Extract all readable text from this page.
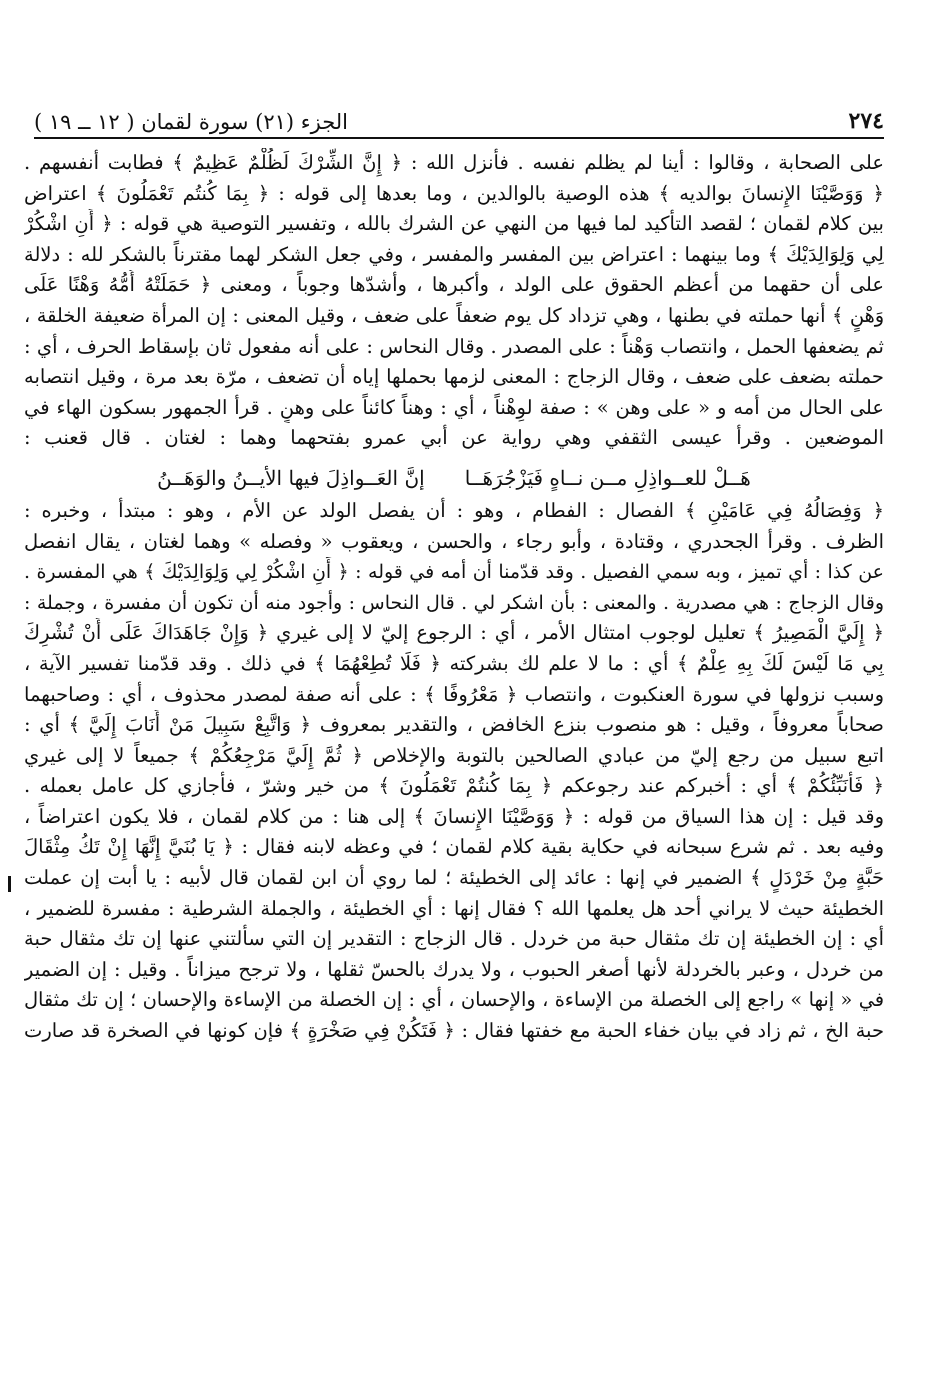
٢٧٤
الجزء (٢١) سورة لقمان ( ١٢ ــ ١٩ )
على الصحابة ، وقالوا : أينا لم يظلم نفسه . فأنزل الله : ﴿ إِنَّ الشِّرْكَ لَظُلْمٌ عَظِيمٌ ﴾ فطابت أنفسهم .
﴿ وَوَصَّيْنَا الإِنسانَ بوالديه ﴾ هذه الوصية بالوالدين ، وما بعدها إلى قوله : ﴿ بِمَا كُنتُم تَعْمَلُونَ ﴾ اعتراض
بين كلام لقمان ؛ لقصد التأكيد لما فيها من النهي عن الشرك بالله ، وتفسير التوصية هي قوله : ﴿ أَنِ اشْكُرْ
لِي وَلِوَالِدَيْكَ ﴾ وما بينهما : اعتراض بين المفسر والمفسر ، وفي جعل الشكر لهما مقترناً بالشكر لله : دلالة
على أن حقهما من أعظم الحقوق على الولد ، وأكبرها ، وأشدّها وجوباً ، ومعنى ﴿ حَمَلَتْهُ أُمُّهُ وَهْنًا عَلَى
وَهْنٍ ﴾ أنها حملته في بطنها ، وهي تزداد كل يوم ضعفاً على ضعف ، وقيل المعنى : إن المرأة ضعيفة الخلقة ،
ثم يضعفها الحمل ، وانتصاب وَهْناً : على المصدر . وقال النحاس : على أنه مفعول ثان بإسقاط الحرف ، أي :
حملته بضعف على ضعف ، وقال الزجاج : المعنى لزمها بحملها إياه أن تضعف ، مرّة بعد مرة ، وقيل انتصابه
على الحال من أمه و « على وهن » : صفة لوِهْناً ، أي : وهناً كائناً على وهنٍ . قرأ الجمهور بسكون الهاء في
الموضعين . وقرأ عيسى الثقفي وهي رواية عن أبي عمرو بفتحهما وهما : لغتان . قال قعنب :
هَــلْ للعــواذِلِ مــن نــاهٍ فَيَزْجُرَهَــا
إنَّ العَــواذِلَ فيها الأيــنُ والوَهَــنُ
﴿ وَفِصَالُهُ فِي عَامَيْنِ ﴾ الفصال : الفطام ، وهو : أن يفصل الولد عن الأم ، وهو : مبتدأ ، وخبره :
الظرف . وقرأ الجحدري ، وقتادة ، وأبو رجاء ، والحسن ، ويعقوب « وفصله » وهما لغتان ، يقال انفصل
عن كذا : أي تميز ، وبه سمي الفصيل . وقد قدّمنا أن أمه في قوله : ﴿ أَنِ اشْكُرْ لِي وَلِوَالِدَيْكَ ﴾ هي المفسرة .
وقال الزجاج : هي مصدرية . والمعنى : بأن اشكر لي . قال النحاس : وأجود منه أن تكون أن مفسرة ، وجملة :
﴿ إِلَيَّ الْمَصِيرُ ﴾ تعليل لوجوب امتثال الأمر ، أي : الرجوع إليّ لا إلى غيري ﴿ وَإِنْ جَاهَدَاكَ عَلَى أَنْ تُشْرِكَ
بِي مَا لَيْسَ لَكَ بِهِ عِلْمٌ ﴾ أي : ما لا علم لك بشركته ﴿ فَلَا تُطِعْهُمَا ﴾ في ذلك . وقد قدّمنا تفسير الآية ،
وسبب نزولها في سورة العنكبوت ، وانتصاب ﴿ مَعْرُوفًا ﴾ : على أنه صفة لمصدر محذوف ، أي : وصاحبهما
صحاباً معروفاً ، وقيل : هو منصوب بنزع الخافض ، والتقدير بمعروف ﴿ وَاتَّبِعْ سَبِيلَ مَنْ أَنَابَ إِلَيَّ ﴾ أي :
اتبع سبيل من رجع إليّ من عبادي الصالحين بالتوبة والإخلاص ﴿ ثُمَّ إِلَيَّ مَرْجِعُكُمْ ﴾ جميعاً لا إلى غيري
﴿ فَأُنَبِّئُكُمْ ﴾ أي : أخبركم عند رجوعكم ﴿ بِمَا كُنتُمْ تَعْمَلُونَ ﴾ من خير وشرّ ، فأجازي كل عامل بعمله .
وقد قيل : إن هذا السياق من قوله : ﴿ وَوَصَّيْنَا الإِنسانَ ﴾ إلى هنا : من كلام لقمان ، فلا يكون اعتراضاً ،
وفيه بعد . ثم شرع سبحانه في حكاية بقية كلام لقمان ؛ في وعظه لابنه فقال : ﴿ يَا بُنَيَّ إِنَّهَا إِنْ تَكُ مِثْقَالَ
حَبَّةٍ مِنْ خَرْدَلٍ ﴾ الضمير في إنها : عائد إلى الخطيئة ؛ لما روي أن ابن لقمان قال لأبيه : يا أبت إن عملت
الخطيئة حيث لا يراني أحد هل يعلمها الله ؟ فقال إنها : أي الخطيئة ، والجملة الشرطية : مفسرة للضمير ،
أي : إن الخطيئة إن تك مثقال حبة من خردل . قال الزجاج : التقدير إن التي سألتني عنها إن تك مثقال حبة
من خردل ، وعبر بالخردلة لأنها أصغر الحبوب ، ولا يدرك بالحسّ ثقلها ، ولا ترجح ميزاناً . وقيل : إن الضمير
في « إنها » راجع إلى الخصلة من الإساءة ، والإحسان ، أي : إن الخصلة من الإساءة والإحسان ؛ إن تك مثقال
حبة الخ ، ثم زاد في بيان خفاء الحبة مع خفتها فقال : ﴿ فَتَكُنْ فِي صَخْرَةٍ ﴾ فإن كونها في الصخرة قد صارت
